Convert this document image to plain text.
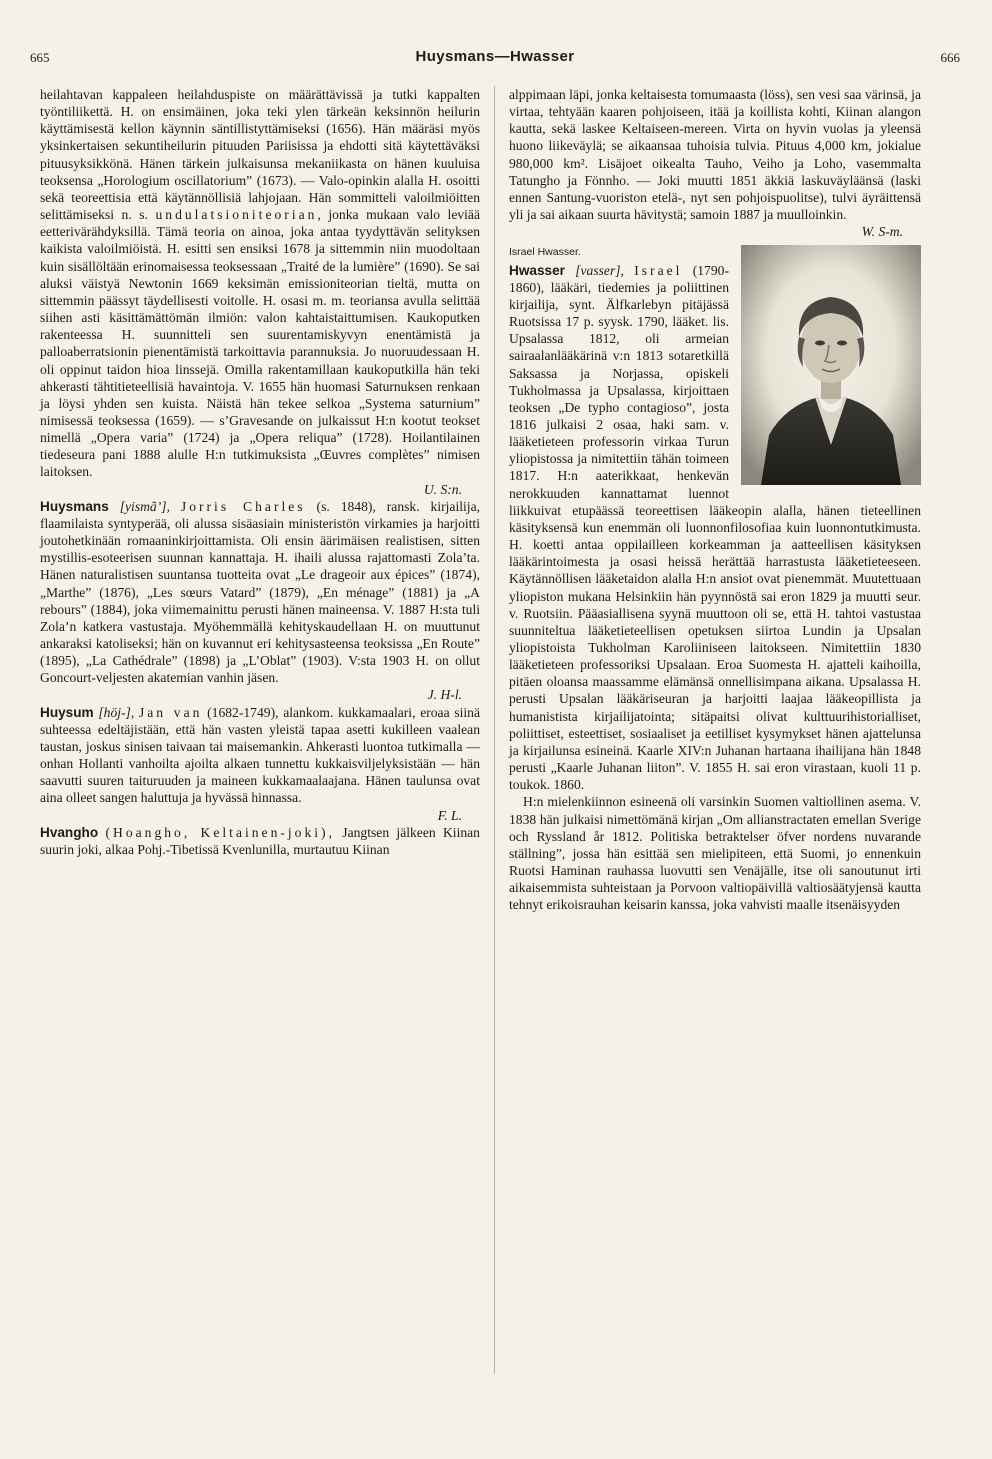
665	Huysmans—Hwasser	666

heilahtavan kappaleen heilahduspiste on määrättävissä ja tutki kappalten työntiliikettä. H. on ensimäinen, joka teki ylen tärkeän keksinnön heilurin käyttämisestä kellon käynnin säntillistyttämiseksi (1656). Hän määräsi myös yksinkertaisen sekuntiheilurin pituuden Pariisissa ja ehdotti sitä käytettäväksi pituusyksikkönä. Hänen tärkein julkaisunsa mekaniikasta on hänen kuuluisa teoksensa „Horologium oscillatorium” (1673). — Valo-opinkin alalla H. osoitti sekä teoreettisia että käytännöllisiä lahjojaan. Hän sommitteli valoilmiöitten selittämiseksi n. s. undulatsioniteorian, jonka mukaan valo leviää eetterivärähdyksillä. Tämä teoria on ainoa, joka antaa tyydyttävän selityksen kaikista valoilmiöistä. H. esitti sen ensiksi 1678 ja sittemmin niin muodoltaan kuin sisällöltään erinomaisessa teoksessaan „Traité de la lumière” (1690). Se sai aluksi väistyä Newtonin 1669 keksimän emissioniteorian tieltä, mutta on sittemmin päässyt täydellisesti voitolle. H. osasi m. m. teoriansa avulla selittää siihen asti käsittämättömän ilmiön: valon kahtaistaittumisen. Kaukoputken rakenteessa H. suunnitteli sen suurentamiskyvyn enentämistä ja palloaberratsionin pienentämistä tarkoittavia parannuksia. Jo nuoruudessaan H. oli oppinut taidon hioa linssejä. Omilla rakentamillaan kaukoputkilla hän teki ahkerasti tähtitieteellisiä havaintoja. V. 1655 hän huomasi Saturnuksen renkaan ja löysi yhden sen kuista. Näistä hän tekee selkoa „Systema saturnium” nimisessä teoksessa (1659). — s’Gravesande on julkaissut H:n kootut teokset nimellä „Opera varia” (1724) ja „Opera reliqua” (1728). Hoilantilainen tiedeseura pani 1888 alulle H:n tutkimuksista „Œuvres complètes” nimisen laitoksen.
U. S:n.

Huysmans [yismã’], Jorris Charles (s. 1848), ransk. kirjailija, flaamilaista syntyperää, oli alussa sisäasiain ministeristön virkamies ja harjoitti joutohetkinään romaaninkirjoittamista. Oli ensin äärimäisen realistisen, sitten mystillis-esoteerisen suunnan kannattaja. H. ihaili alussa rajattomasti Zola’ta. Hänen naturalistisen suuntansa tuotteita ovat „Le drageoir aux épices” (1874), „Marthe” (1876), „Les sœurs Vatard” (1879), „En ménage” (1881) ja „A rebours” (1884), joka viimemainittu perusti hänen maineensa. V. 1887 H:sta tuli Zola’n katkera vastustaja. Myöhemmällä kehityskaudellaan H. on muuttunut ankaraksi katoliseksi; hän on kuvannut eri kehitysasteensa teoksissa „En Route” (1895), „La Cathédrale” (1898) ja „L’Oblat” (1903). V:sta 1903 H. on ollut Goncourt-veljesten akatemian vanhin jäsen.
J. H-l.

Huysum [höj-], Jan van (1682-1749), alankom. kukkamaalari, eroaa siinä suhteessa edeltäjistään, että hän vasten yleistä tapaa asetti kukilleen vaalean taustan, joskus sinisen taivaan tai maisemankin. Ahkerasti luontoa tutkimalla — onhan Hollanti vanhoilta ajoilta alkaen tunnettu kukkaisviljelyksistään — hän saavutti suuren taituruuden ja maineen kukkamaalaajana. Hänen taulunsa ovat aina olleet sangen haluttuja ja hyvässä hinnassa.
F. L.

Hvangho (Hoangho, Keltainen-joki), Jangtsen jälkeen Kiinan suurin joki, alkaa Pohj.-Tibetissä Kvenlunilla, murtautuu Kiinan

alppimaan läpi, jonka keltaisesta tomumaasta (löss), sen vesi saa värinsä, ja virtaa, tehtyään kaaren pohjoiseen, itää ja koillista kohti, Kiinan alangon kautta, sekä laskee Keltaiseen-mereen. Virta on hyvin vuolas ja yleensä huono liikeväylä; se aikaansaa tuhoisia tulvia. Pituus 4,000 km, jokialue 980,000 km². Lisäjoet oikealta Tauho, Veiho ja Loho, vasemmalta Tatungho ja Fönnho. — Joki muutti 1851 äkkiä laskuväyläänsä (laski ennen Santung-vuoriston etelä-, nyt sen pohjoispuolitse), tulvi äyräittensä yli ja sai aikaan suurta hävitystä; samoin 1887 ja muulloinkin.
W. S-m.

Israel Hwasser.
Hwasser [vasser], Israel (1790-1860), lääkäri, tiedemies ja poliittinen kirjailija, synt. Älfkarlebyn pitäjässä Ruotsissa 17 p. syysk. 1790, lääket. lis. Upsalassa 1812, oli armeian sairaalanlääkärinä v:n 1813 sotaretkillä Saksassa ja Norjassa, opiskeli Tukholmassa ja Upsalassa, kirjoittaen teoksen „De typho contagioso”, josta 1816 julkaisi 2 osaa, haki sam. v. lääketieteen professorin virkaa Turun yliopistossa ja nimitettiin tähän toimeen 1817. H:n aaterikkaat, henkevän nerokkuuden kannattamat luennot liikkuivat etupäässä teoreettisen lääkeopin alalla, hänen tieteellinen käsityksensä kun enemmän oli luonnonfilosofiaa kuin luonnontutkimusta. H. koetti antaa oppilailleen korkeamman ja aatteellisen käsityksen lääkärintoimesta ja osasi heissä herättää harrastusta lääketieteeseen. Käytännöllisen lääketaidon alalla H:n ansiot ovat pienemmät. Muutettuaan yliopiston mukana Helsinkiin hän pyynnöstä sai eron 1829 ja muutti seur. v. Ruotsiin. Pääasiallisena syynä muuttoon oli se, että H. tahtoi vastustaa suunniteltua lääketieteellisen opetuksen siirtoa Lundin ja Upsalan yliopistoista Tukholman Karoliiniseen laitokseen. Nimitettiin 1830 lääketieteen professoriksi Upsalaan. Eroa Suomesta H. ajatteli kaihoilla, pitäen oloansa maassamme elämänsä onnellisimpana aikana. Upsalassa H. perusti Upsalan lääkäriseuran ja harjoitti laajaa lääkeopillista ja humanistista kirjailijatointa; sitäpaitsi olivat kulttuurihistorialliset, poliittiset, esteettiset, sosiaaliset ja eetilliset kysymykset hänen ajattelunsa ja kirjailunsa esineinä. Kaarle XIV:n Juhanan hartaana ihailijana hän 1848 perusti „Kaarle Juhanan liiton”. V. 1855 H. sai eron virastaan, kuoli 11 p. toukok. 1860.

H:n mielenkiinnon esineenä oli varsinkin Suomen valtiollinen asema. V. 1838 hän julkaisi nimettömänä kirjan „Om allianstractaten emellan Sverige och Ryssland år 1812. Politiska betraktelser öfver nordens nuvarande ställning”, jossa hän esittää sen mielipiteen, että Suomi, jo ennenkuin Ruotsi Haminan rauhassa luovutti sen Venäjälle, itse oli sanoutunut irti aikaisemmista suhteistaan ja Porvoon valtiopäivillä valtiosäätyjensä kautta tehnyt erikoisrauhan keisarin kanssa, joka vahvisti maalle itsenäisyyden
